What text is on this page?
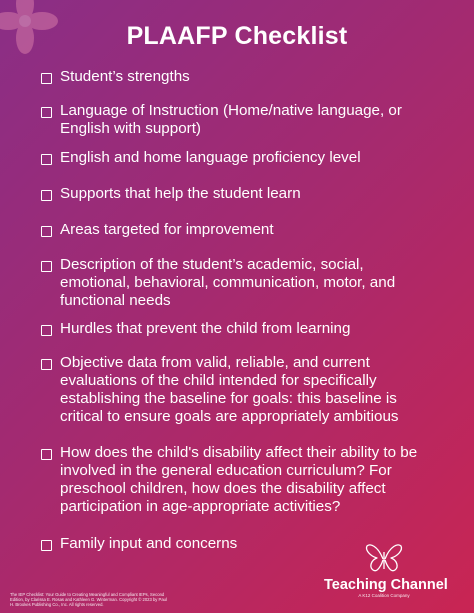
PLAAFP Checklist
Student’s strengths
Language of Instruction (Home/native language, or
English with support)
English and home language proficiency level
Supports that help the student learn
Areas targeted for improvement
Description of the student’s academic, social,
emotional, behavioral, communication, motor, and
functional needs
Hurdles that prevent the child from learning
Objective data from valid, reliable, and current
evaluations of the child intended for specifically
establishing the baseline for goals: this baseline is
critical to ensure goals are appropriately ambitious
How does the child's disability affect their ability to be
involved in the general education curriculum? For
preschool children, how does the disability affect
participation in age-appropriate activities?
Family input and concerns
Teaching Channel
A K12 Coalition Company
The IEP Checklist: Your Guide to Creating Meaningful and Compliant IEPs, Second
Edition, by Clarissa E. Rosas and Kathleen G. Winterman. Copyright © 2023 by Paul
H. Brookes Publishing Co., Inc. All rights reserved.
